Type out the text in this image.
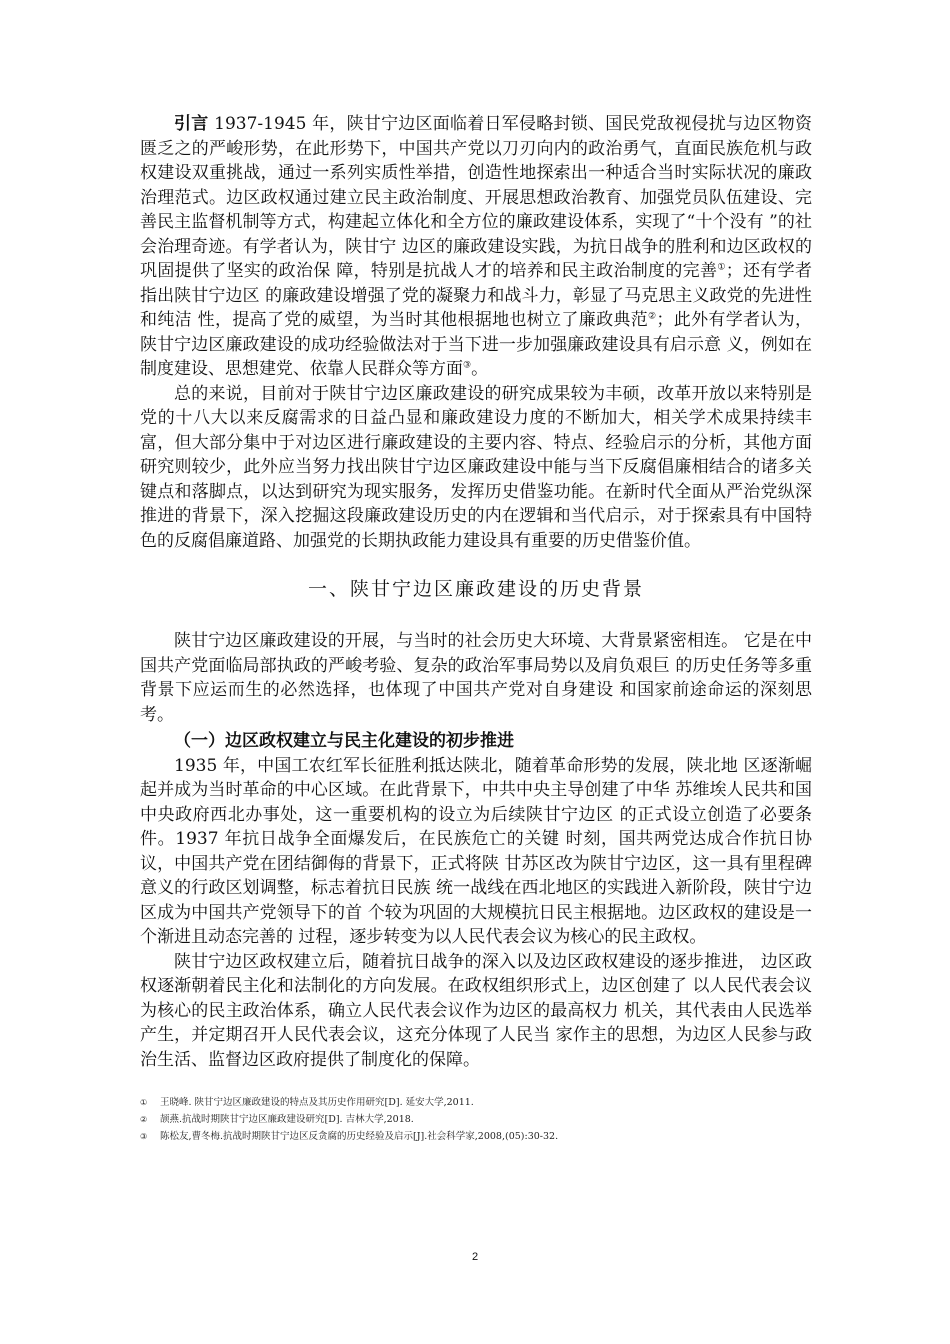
引言 1937-1945 年，陕甘宁边区面临着日军侵略封锁、国民党敌视侵扰与边区物资匮乏之的严峻形势，在此形势下，中国共产党以刀刃向内的政治勇气，直面民族危机与政权建设双重挑战，通过一系列实质性举措，创造性地探索出一种适合当时实际状况的廉政治理范式。边区政权通过建立民主政治制度、开展思想政治教育、加强党员队伍建设、完善民主监督机制等方式，构建起立体化和全方位的廉政建设体系，实现了“十个没有 ”的社会治理奇迹。有学者认为，陕甘宁 边区的廉政建设实践，为抗日战争的胜利和边区政权的巩固提供了坚实的政治保 障，特别是抗战人才的培养和民主政治制度的完善①；还有学者指出陕甘宁边区 的廉政建设增强了党的凝聚力和战斗力，彰显了马克思主义政党的先进性和纯洁 性，提高了党的威望，为当时其他根据地也树立了廉政典范②；此外有学者认为， 陕甘宁边区廉政建设的成功经验做法对于当下进一步加强廉政建设具有启示意 义，例如在制度建设、思想建党、依靠人民群众等方面③。

总的来说，目前对于陕甘宁边区廉政建设的研究成果较为丰硕，改革开放以来特别是党的十八大以来反腐需求的日益凸显和廉政建设力度的不断加大，相关学术成果持续丰富，但大部分集中于对边区进行廉政建设的主要内容、特点、经验启示的分析，其他方面研究则较少，此外应当努力找出陕甘宁边区廉政建设中能与当下反腐倡廉相结合的诸多关键点和落脚点，以达到研究为现实服务，发挥历史借鉴功能。在新时代全面从严治党纵深推进的背景下，深入挖掘这段廉政建设历史的内在逻辑和当代启示，对于探索具有中国特色的反腐倡廉道路、加强党的长期执政能力建设具有重要的历史借鉴价值。

一、陕甘宁边区廉政建设的历史背景

陕甘宁边区廉政建设的开展，与当时的社会历史大环境、大背景紧密相连。 它是在中国共产党面临局部执政的严峻考验、复杂的政治军事局势以及肩负艰巨 的历史任务等多重背景下应运而生的必然选择，也体现了中国共产党对自身建设 和国家前途命运的深刻思考。

（一）边区政权建立与民主化建设的初步推进

1935 年，中国工农红军长征胜利抵达陕北，随着革命形势的发展，陕北地 区逐渐崛起并成为当时革命的中心区域。在此背景下，中共中央主导创建了中华 苏维埃人民共和国中央政府西北办事处，这一重要机构的设立为后续陕甘宁边区 的正式设立创造了必要条件。1937 年抗日战争全面爆发后，在民族危亡的关键 时刻，国共两党达成合作抗日协议，中国共产党在团结御侮的背景下，正式将陕 甘苏区改为陕甘宁边区，这一具有里程碑意义的行政区划调整，标志着抗日民族 统一战线在西北地区的实践进入新阶段，陕甘宁边区成为中国共产党领导下的首 个较为巩固的大规模抗日民主根据地。边区政权的建设是一个渐进且动态完善的 过程，逐步转变为以人民代表会议为核心的民主政权。

陕甘宁边区政权建立后，随着抗日战争的深入以及边区政权建设的逐步推进， 边区政权逐渐朝着民主化和法制化的方向发展。在政权组织形式上，边区创建了 以人民代表会议为核心的民主政治体系，确立人民代表会议作为边区的最高权力 机关，其代表由人民选举产生，并定期召开人民代表会议，这充分体现了人民当 家作主的思想，为边区人民参与政治生活、监督边区政府提供了制度化的保障。

① 王晓峰. 陕甘宁边区廉政建设的特点及其历史作用研究[D]. 延安大学,2011.
② 颉燕.抗战时期陕甘宁边区廉政建设研究[D]. 吉林大学,2018.
③ 陈松友,曹冬梅.抗战时期陕甘宁边区反贪腐的历史经验及启示[J].社会科学家,2008,(05):30-32.
2
